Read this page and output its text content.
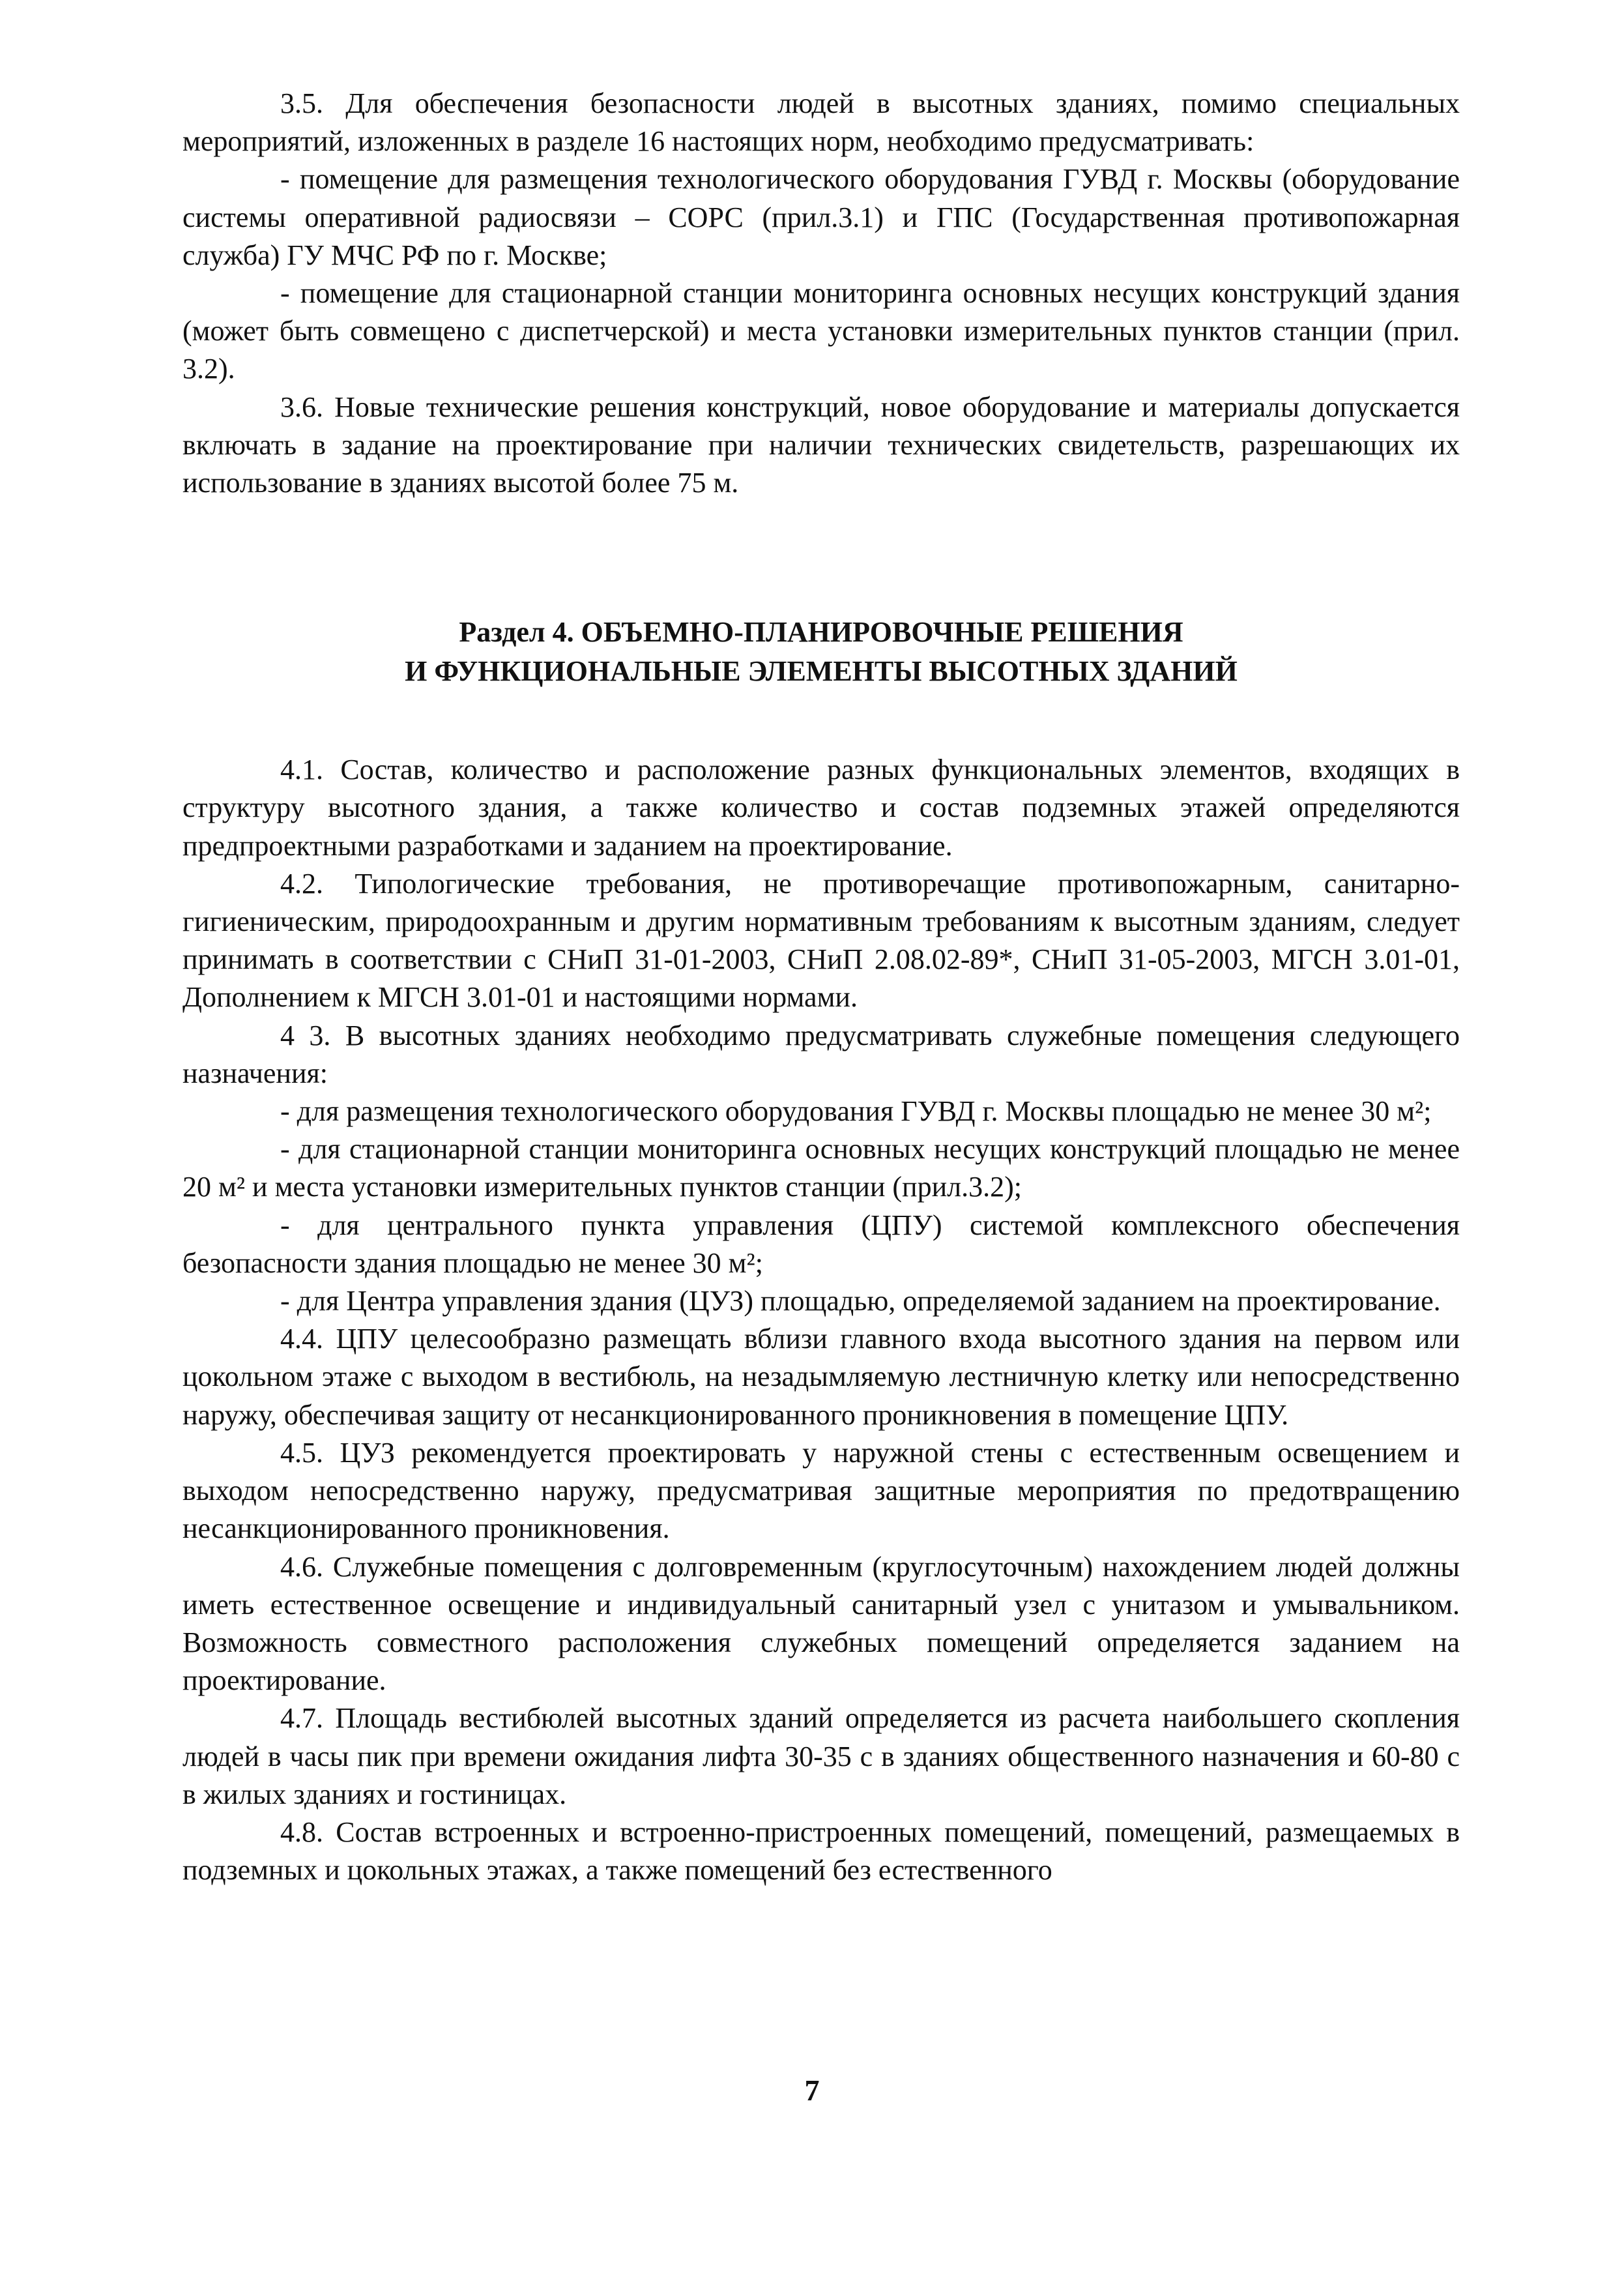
3.5. Для обеспечения безопасности людей в высотных зданиях, помимо специальных мероприятий, изложенных в разделе 16 настоящих норм, необходимо предусматривать:

- помещение для размещения технологического оборудования ГУВД г. Москвы (оборудование системы оперативной радиосвязи – СОРС (прил.3.1) и ГПС (Государственная противопожарная служба) ГУ МЧС РФ по г. Москве;

- помещение для стационарной станции мониторинга основных несущих конструкций здания (может быть совмещено с диспетчерской) и места установки измерительных пунктов станции (прил. 3.2).

3.6. Новые технические решения конструкций, новое оборудование и материалы допускается включать в задание на проектирование при наличии технических свидетельств, разрешающих их использование в зданиях высотой более 75 м.

Раздел 4. ОБЪЕМНО-ПЛАНИРОВОЧНЫЕ РЕШЕНИЯ
И ФУНКЦИОНАЛЬНЫЕ ЭЛЕМЕНТЫ ВЫСОТНЫХ ЗДАНИЙ

4.1. Состав, количество и расположение разных функциональных элементов, входящих в структуру высотного здания, а также количество и состав подземных этажей определяются предпроектными разработками и заданием на проектирование.

4.2. Типологические требования, не противоречащие противопожарным, санитарно-гигиеническим, природоохранным и другим нормативным требованиям к высотным зданиям, следует принимать в соответствии с СНиП 31-01-2003, СНиП 2.08.02-89*, СНиП 31-05-2003, МГСН 3.01-01, Дополнением к МГСН 3.01-01 и настоящими нормами.

4 3. В высотных зданиях необходимо предусматривать служебные помещения следующего назначения:

- для размещения технологического оборудования ГУВД г. Москвы площадью не менее 30 м²;

- для стационарной станции мониторинга основных несущих конструкций площадью не менее 20 м² и места установки измерительных пунктов станции (прил.3.2);

- для центрального пункта управления (ЦПУ) системой комплексного обеспечения безопасности здания площадью не менее 30 м²;

- для Центра управления здания (ЦУЗ) площадью, определяемой заданием на проектирование.

4.4. ЦПУ целесообразно размещать вблизи главного входа высотного здания на первом или цокольном этаже с выходом в вестибюль, на незадымляемую лестничную клетку или непосредственно наружу, обеспечивая защиту от несанкционированного проникновения в помещение ЦПУ.

4.5. ЦУЗ рекомендуется проектировать у наружной стены с естественным освещением и выходом непосредственно наружу, предусматривая защитные мероприятия по предотвращению несанкционированного проникновения.

4.6. Служебные помещения с долговременным (круглосуточным) нахождением людей должны иметь естественное освещение и индивидуальный санитарный узел с унитазом и умывальником. Возможность совместного расположения служебных помещений определяется заданием на проектирование.

4.7. Площадь вестибюлей высотных зданий определяется из расчета наибольшего скопления людей в часы пик при времени ожидания лифта 30-35 с в зданиях общественного назначения и 60-80 с в жилых зданиях и гостиницах.

4.8. Состав встроенных и встроенно-пристроенных помещений, помещений, размещаемых в подземных и цокольных этажах, а также помещений без естественного

7
